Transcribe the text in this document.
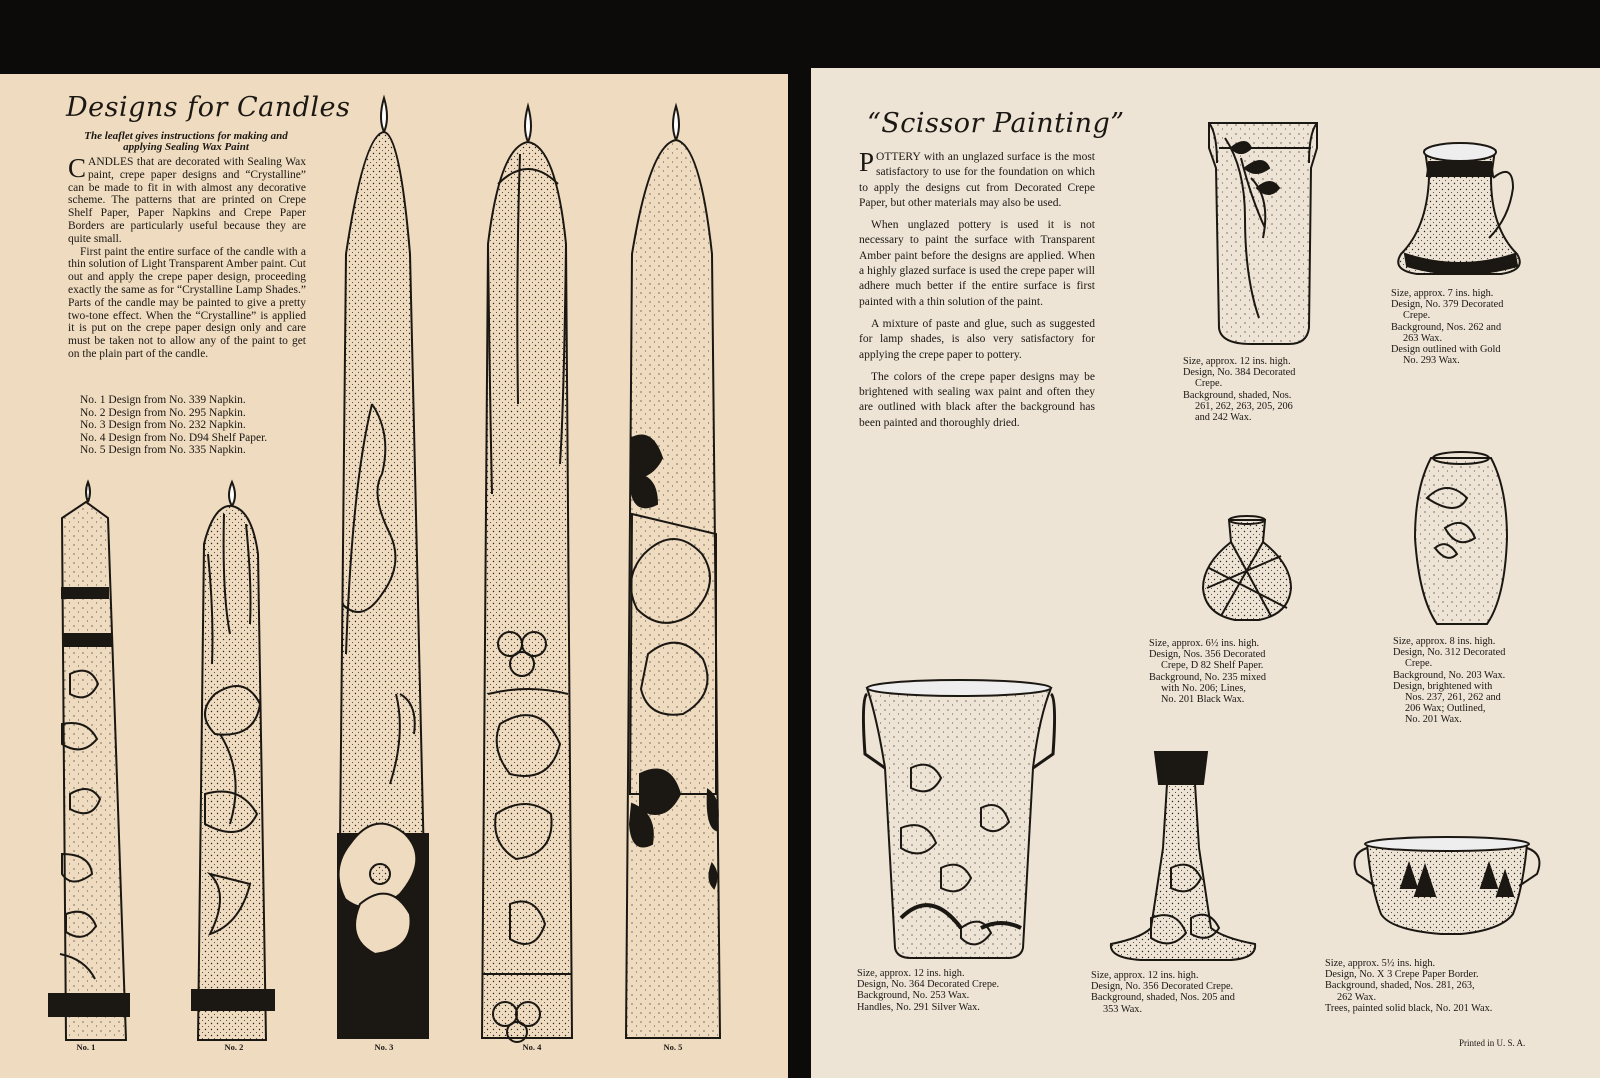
Designs for Candles
The leaflet gives instructions for making and applying Sealing Wax Paint

CANDLES that are decorated with Sealing Wax paint, crepe paper designs and “Crystalline” can be made to fit in with almost any decorative scheme. The patterns that are printed on Crepe Shelf Paper, Paper Napkins and Crepe Paper Borders are particularly useful because they are quite small.

First paint the entire surface of the candle with a thin solution of Light Transparent Amber paint. Cut out and apply the crepe paper design, proceeding exactly the same as for “Crystalline Lamp Shades.” Parts of the candle may be painted to give a pretty two-tone effect. When the “Crystalline” is applied it is put on the crepe paper design only and care must be taken not to allow any of the paint to get on the plain part of the candle.

No. 1 Design from No. 339 Napkin.
No. 2 Design from No. 295 Napkin.
No. 3 Design from No. 232 Napkin.
No. 4 Design from No. D94 Shelf Paper.
No. 5 Design from No. 335 Napkin.
No. 1	No. 2	No. 3	No. 4	No. 5
“Scissor Painting”

POTTERY with an unglazed surface is the most satisfactory to use for the foundation on which to apply the designs cut from Decorated Crepe Paper, but other materials may also be used.

When unglazed pottery is used it is not necessary to paint the surface with Transparent Amber paint before the designs are applied. When a highly glazed surface is used the crepe paper will adhere much better if the entire surface is first painted with a thin solution of the paint.

A mixture of paste and glue, such as suggested for lamp shades, is also very satisfactory for applying the crepe paper to pottery.

The colors of the crepe paper designs may be brightened with sealing wax paint and often they are outlined with black after the background has been painted and thoroughly dried.

Size, approx. 12 ins. high.
Design, No. 384 Decorated
Crepe.
Background, shaded, Nos.
261, 262, 263, 205, 206
and 242 Wax.
Size, approx. 7 ins. high.
Design, No. 379 Decorated
Crepe.
Background, Nos. 262 and
263 Wax.
Design outlined with Gold
No. 293 Wax.
Size, approx. 6½ ins. high.
Design, Nos. 356 Decorated
Crepe, D 82 Shelf Paper.
Background, No. 235 mixed
with No. 206; Lines,
No. 201 Black Wax.
Size, approx. 8 ins. high.
Design, No. 312 Decorated
Crepe.
Background, No. 203 Wax.
Design, brightened with
Nos. 237, 261, 262 and
206 Wax; Outlined,
No. 201 Wax.
Size, approx. 12 ins. high.
Design, No. 364 Decorated Crepe.
Background, No. 253 Wax.
Handles, No. 291 Silver Wax.
Size, approx. 12 ins. high.
Design, No. 356 Decorated Crepe.
Background, shaded, Nos. 205 and
353 Wax.
Size, approx. 5½ ins. high.
Design, No. X 3 Crepe Paper Border.
Background, shaded, Nos. 281, 263,
262 Wax.
Trees, painted solid black, No. 201 Wax.
Printed in U. S. A.
